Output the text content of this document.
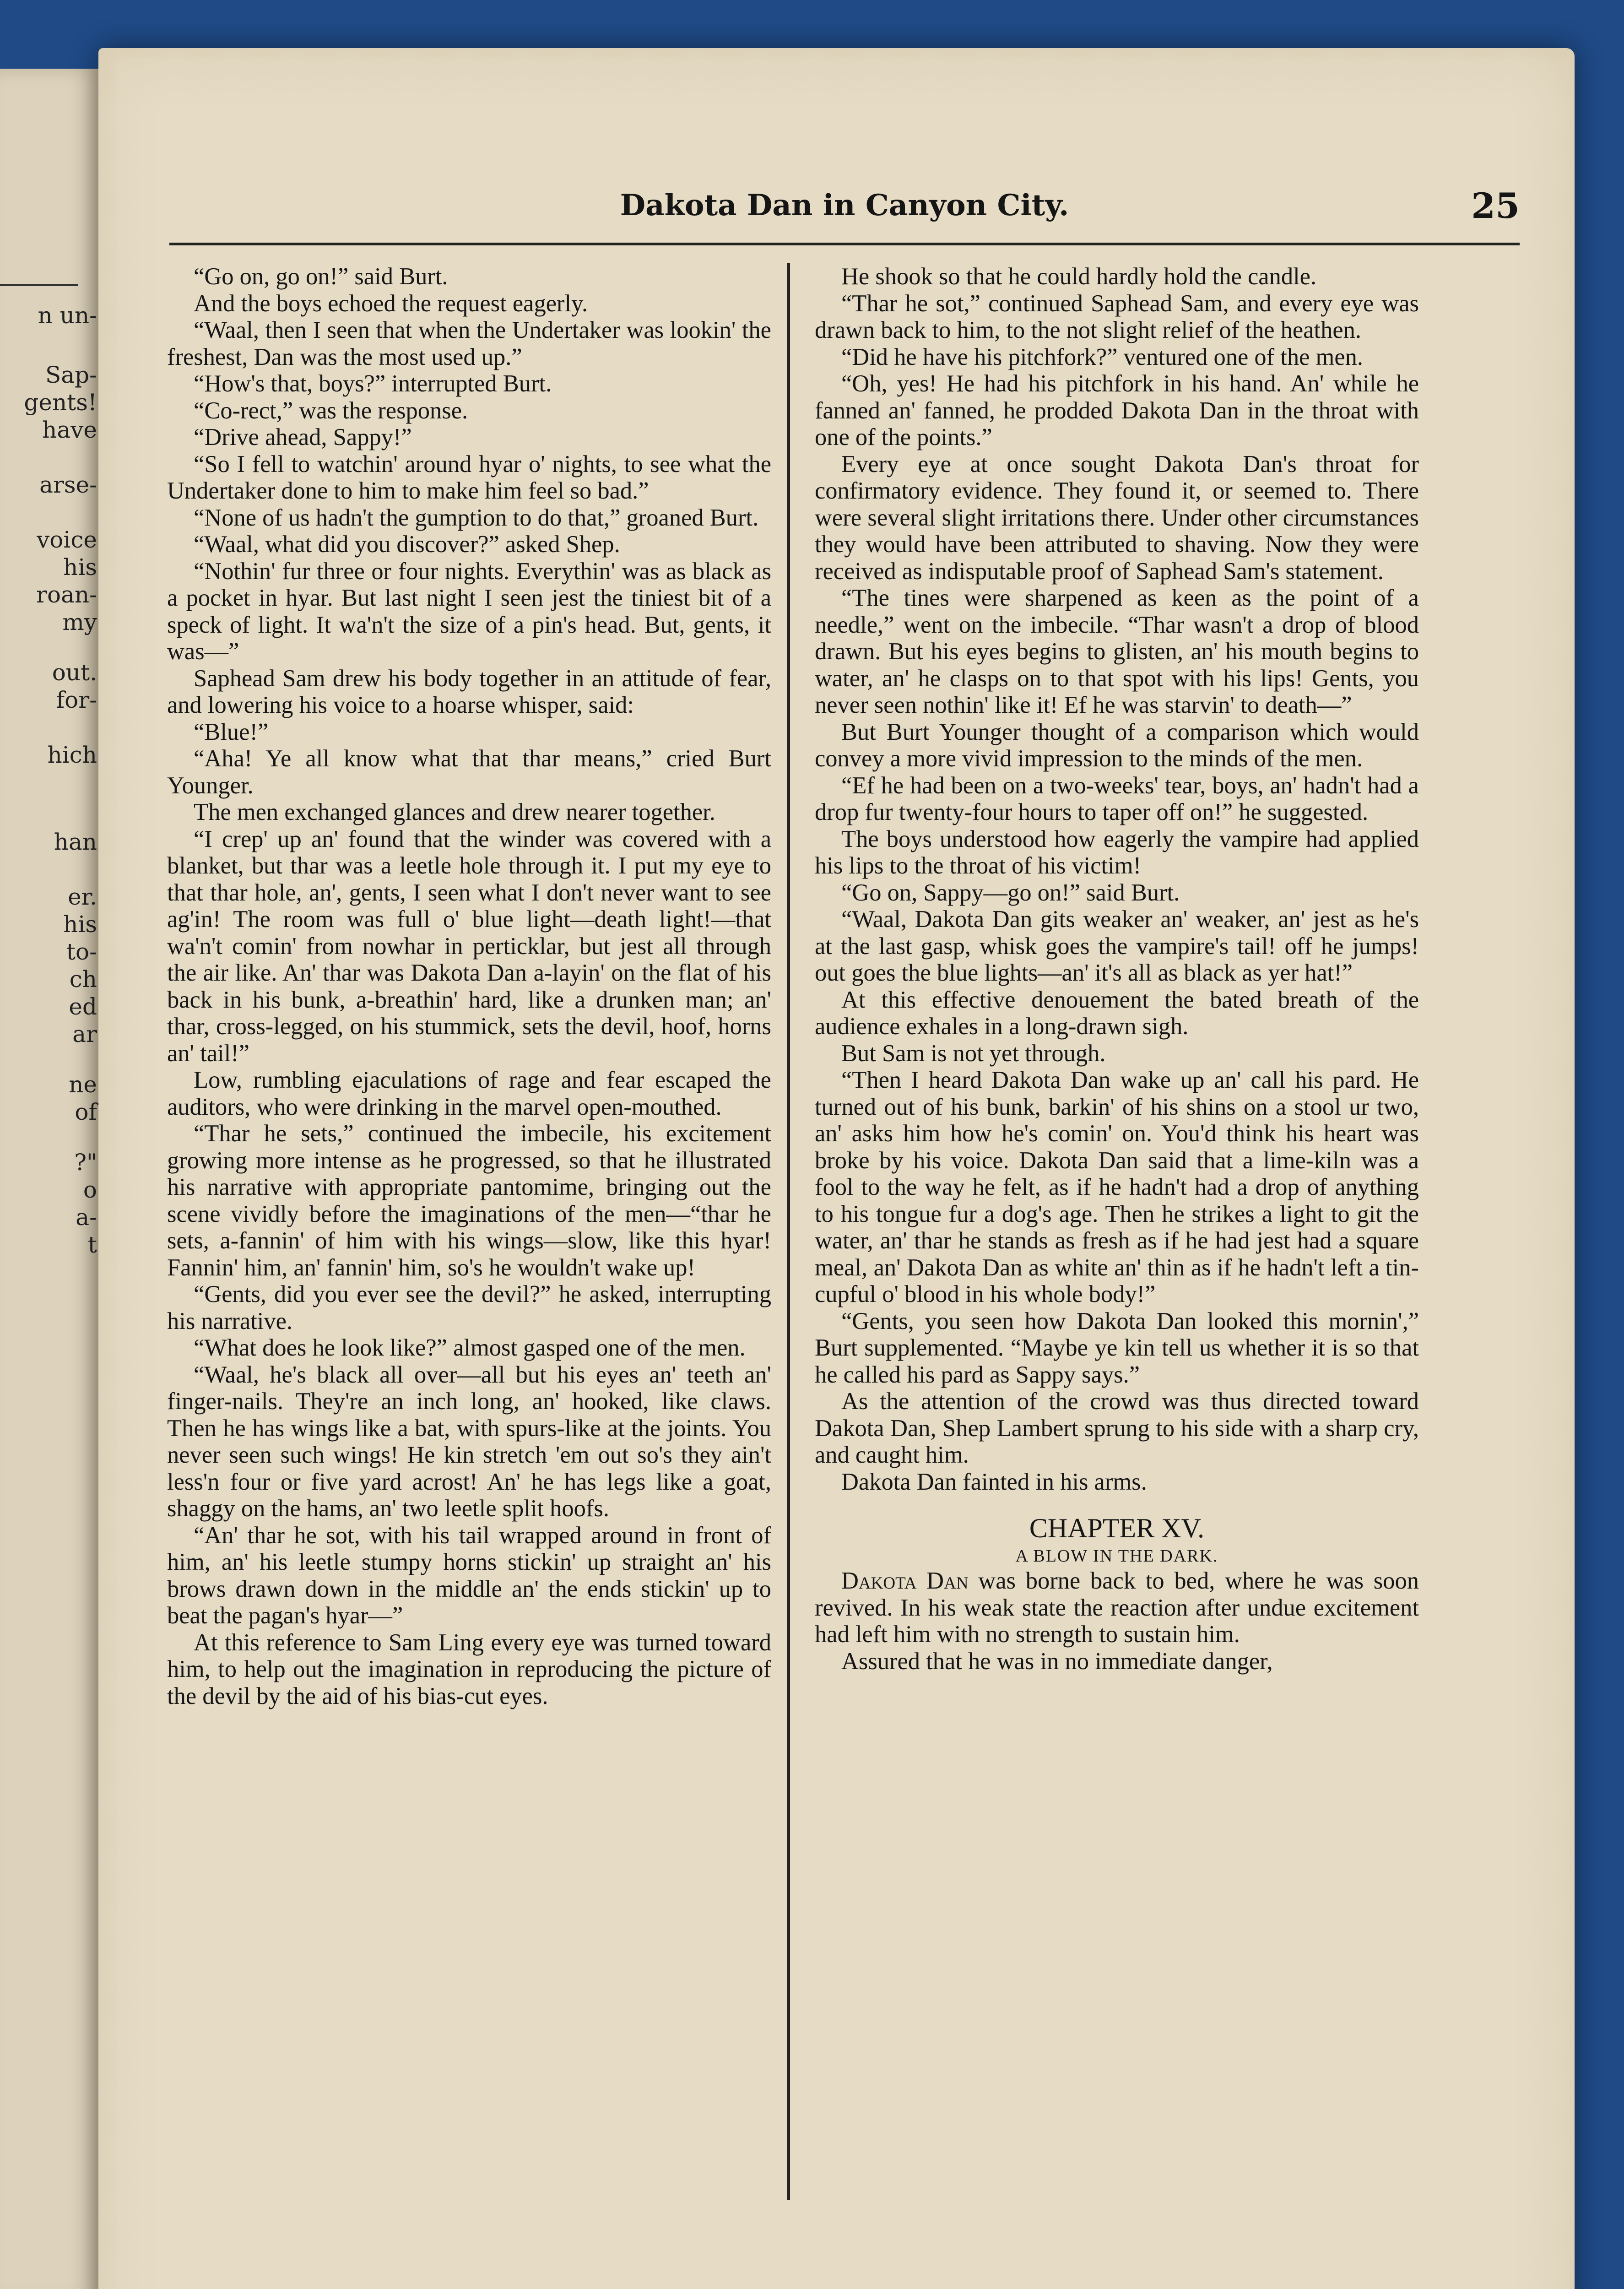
n un-
Sap-
gents!
have
arse-
voice
his
roan-
my
out.
for-
hich
han
er.
his
to-
ch
ed
ar
ne
of
?"
o
a-
t
Dakota Dan in Canyon City.	25

“Go on, go on!” said Burt.

And the boys echoed the request eagerly.

“Waal, then I seen that when the Undertaker was lookin' the freshest, Dan was the most used up.”

“How's that, boys?” interrupted Burt.

“Co-rect,” was the response.

“Drive ahead, Sappy!”

“So I fell to watchin' around hyar o' nights, to see what the Undertaker done to him to make him feel so bad.”

“None of us hadn't the gumption to do that,” groaned Burt.

“Waal, what did you discover?” asked Shep.

“Nothin' fur three or four nights. Everythin' was as black as a pocket in hyar. But last night I seen jest the tiniest bit of a speck of light. It wa'n't the size of a pin's head. But, gents, it was—”

Saphead Sam drew his body together in an attitude of fear, and lowering his voice to a hoarse whisper, said:

“Blue!”

“Aha! Ye all know what that thar means,” cried Burt Younger.

The men exchanged glances and drew nearer together.

“I crep' up an' found that the winder was covered with a blanket, but thar was a leetle hole through it. I put my eye to that thar hole, an', gents, I seen what I don't never want to see ag'in! The room was full o' blue light—death light!—that wa'n't comin' from nowhar in perticklar, but jest all through the air like. An' thar was Dakota Dan a-layin' on the flat of his back in his bunk, a-breathin' hard, like a drunken man; an' thar, cross-legged, on his stummick, sets the devil, hoof, horns an' tail!”

Low, rumbling ejaculations of rage and fear escaped the auditors, who were drinking in the marvel open-mouthed.

“Thar he sets,” continued the imbecile, his excitement growing more intense as he progressed, so that he illustrated his narrative with appropriate pantomime, bringing out the scene vividly before the imaginations of the men—“thar he sets, a-fannin' of him with his wings—slow, like this hyar! Fannin' him, an' fannin' him, so's he wouldn't wake up!

“Gents, did you ever see the devil?” he asked, interrupting his narrative.

“What does he look like?” almost gasped one of the men.

“Waal, he's black all over—all but his eyes an' teeth an' finger-nails. They're an inch long, an' hooked, like claws. Then he has wings like a bat, with spurs-like at the joints. You never seen such wings! He kin stretch 'em out so's they ain't less'n four or five yard acrost! An' he has legs like a goat, shaggy on the hams, an' two leetle split hoofs.

“An' thar he sot, with his tail wrapped around in front of him, an' his leetle stumpy horns stickin' up straight an' his brows drawn down in the middle an' the ends stickin' up to beat the pagan's hyar—”

At this reference to Sam Ling every eye was turned toward him, to help out the imagination in reproducing the picture of the devil by the aid of his bias-cut eyes.

He shook so that he could hardly hold the candle.

“Thar he sot,” continued Saphead Sam, and every eye was drawn back to him, to the not slight relief of the heathen.

“Did he have his pitchfork?” ventured one of the men.

“Oh, yes! He had his pitchfork in his hand. An' while he fanned an' fanned, he prodded Dakota Dan in the throat with one of the points.”

Every eye at once sought Dakota Dan's throat for confirmatory evidence. They found it, or seemed to. There were several slight irritations there. Under other circumstances they would have been attributed to shaving. Now they were received as indisputable proof of Saphead Sam's statement.

“The tines were sharpened as keen as the point of a needle,” went on the imbecile. “Thar wasn't a drop of blood drawn. But his eyes begins to glisten, an' his mouth begins to water, an' he clasps on to that spot with his lips! Gents, you never seen nothin' like it! Ef he was starvin' to death—”

But Burt Younger thought of a comparison which would convey a more vivid impression to the minds of the men.

“Ef he had been on a two-weeks' tear, boys, an' hadn't had a drop fur twenty-four hours to taper off on!” he suggested.

The boys understood how eagerly the vampire had applied his lips to the throat of his victim!

“Go on, Sappy—go on!” said Burt.

“Waal, Dakota Dan gits weaker an' weaker, an' jest as he's at the last gasp, whisk goes the vampire's tail! off he jumps! out goes the blue lights—an' it's all as black as yer hat!”

At this effective denouement the bated breath of the audience exhales in a long-drawn sigh.

But Sam is not yet through.

“Then I heard Dakota Dan wake up an' call his pard. He turned out of his bunk, barkin' of his shins on a stool ur two, an' asks him how he's comin' on. You'd think his heart was broke by his voice. Dakota Dan said that a lime-kiln was a fool to the way he felt, as if he hadn't had a drop of anything to his tongue fur a dog's age. Then he strikes a light to git the water, an' thar he stands as fresh as if he had jest had a square meal, an' Dakota Dan as white an' thin as if he hadn't left a tin-cupful o' blood in his whole body!”

“Gents, you seen how Dakota Dan looked this mornin',” Burt supplemented. “Maybe ye kin tell us whether it is so that he called his pard as Sappy says.”

As the attention of the crowd was thus directed toward Dakota Dan, Shep Lambert sprung to his side with a sharp cry, and caught him.

Dakota Dan fainted in his arms.

CHAPTER XV.
A BLOW IN THE DARK.

Dakota Dan was borne back to bed, where he was soon revived. In his weak state the reaction after undue excitement had left him with no strength to sustain him.

Assured that he was in no immediate danger,
